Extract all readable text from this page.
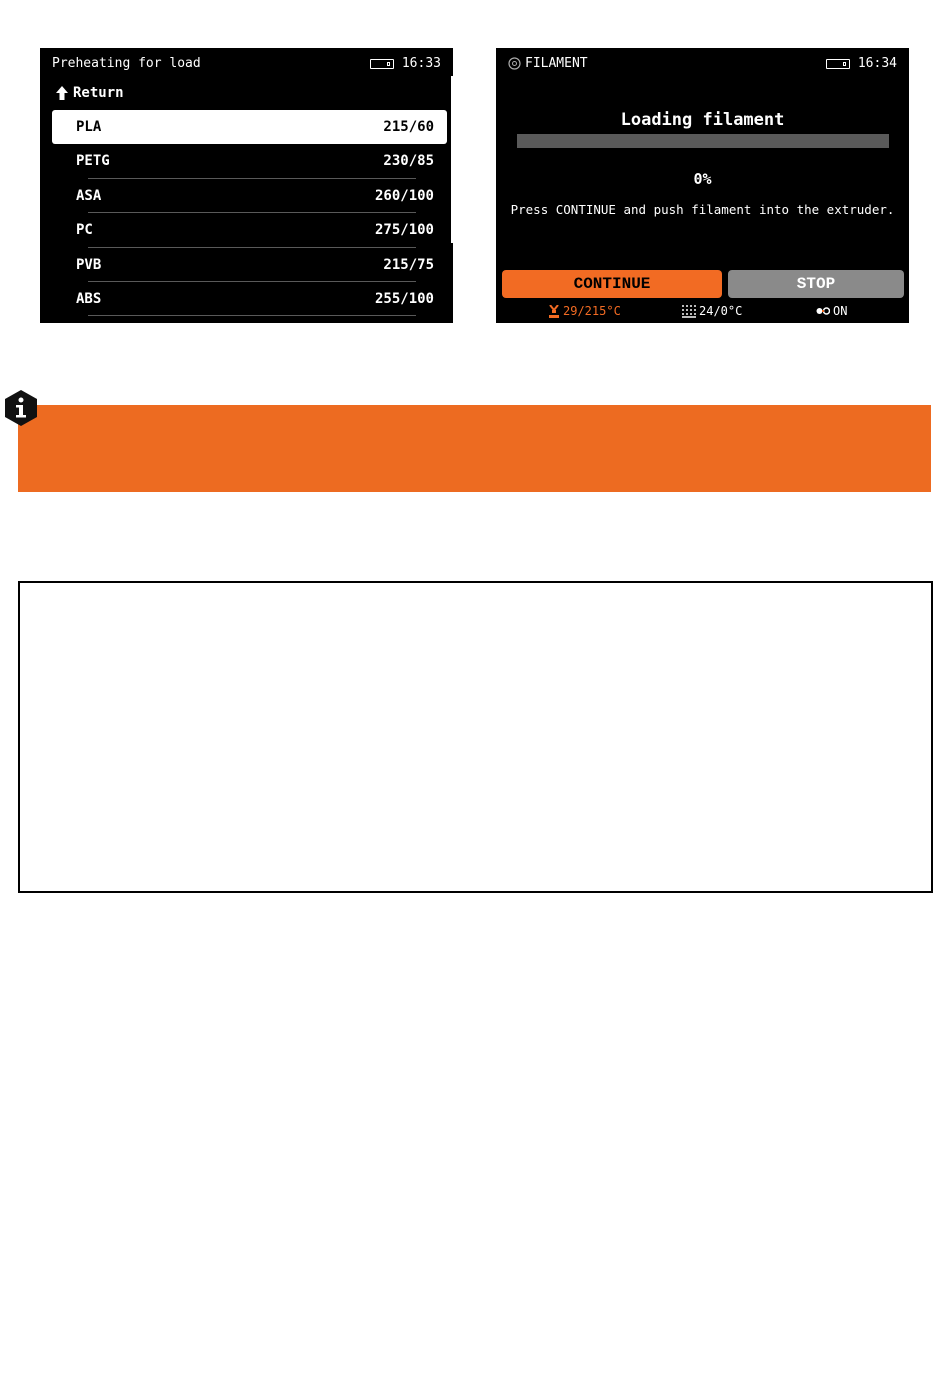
Preheating for load	16:33
Return
PLA	215/60
PETG	230/85
ASA	260/100
PC	275/100
PVB	215/75
ABS	255/100
FILAMENT	16:34
Loading filament
0%
Press CONTINUE and push filament into the extruder.
CONTINUE	STOP
29/215°C	24/0°C	ON
